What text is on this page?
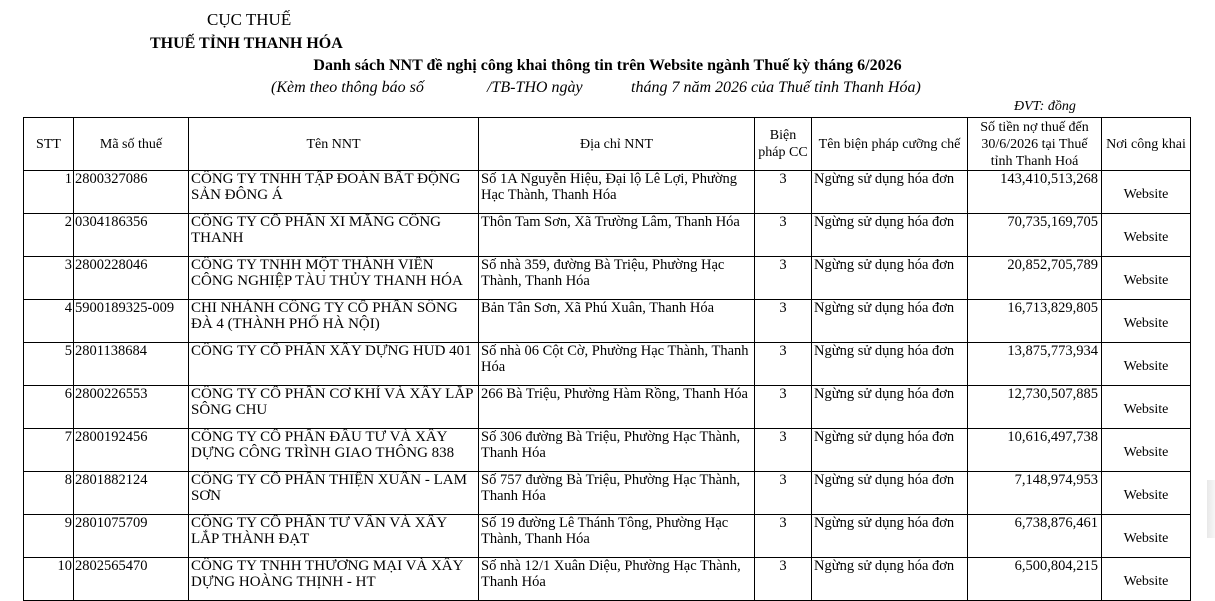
CỤC THUẾ
THUẾ TỈNH THANH HÓA
Danh sách NNT đề nghị công khai thông tin trên Website ngành Thuế kỳ tháng 6/2026
(Kèm theo thông báo số	/TB-THO ngày	tháng 7 năm 2026 của Thuế tỉnh Thanh Hóa)
ĐVT: đồng
STT	Mã số thuế	Tên NNT	Địa chỉ NNT	Biện pháp CC	Tên biện pháp cưỡng chế	Số tiền nợ thuế đến 30/6/2026 tại Thuế tỉnh Thanh Hoá	Nơi công khai
1	2800327086	CÔNG TY TNHH TẬP ĐOÀN BẤT ĐỘNG SẢN ĐÔNG Á	Số 1A Nguyễn Hiệu, Đại lộ Lê Lợi, Phường Hạc Thành, Thanh Hóa	3	Ngừng sử dụng hóa đơn	143,410,513,268	Website
2	0304186356	CÔNG TY CỔ PHẦN XI MĂNG CÔNG THANH	Thôn Tam Sơn, Xã Trường Lâm, Thanh Hóa	3	Ngừng sử dụng hóa đơn	70,735,169,705	Website
3	2800228046	CÔNG TY TNHH MỘT THÀNH VIÊN CÔNG NGHIỆP TÀU THỦY THANH HÓA	Số nhà 359, đường Bà Triệu, Phường Hạc Thành, Thanh Hóa	3	Ngừng sử dụng hóa đơn	20,852,705,789	Website
4	5900189325-009	CHI NHÁNH CÔNG TY CỔ PHẦN SÔNG ĐÀ 4 (THÀNH PHỐ HÀ NỘI)	Bản Tân Sơn, Xã Phú Xuân, Thanh Hóa	3	Ngừng sử dụng hóa đơn	16,713,829,805	Website
5	2801138684	CÔNG TY CỔ PHẦN XÂY DỰNG HUD 401	Số nhà 06 Cột Cờ, Phường Hạc Thành, Thanh Hóa	3	Ngừng sử dụng hóa đơn	13,875,773,934	Website
6	2800226553	CÔNG TY CỔ PHẦN CƠ KHÍ VÀ XÂY LẮP SÔNG CHU	266 Bà Triệu, Phường Hàm Rồng, Thanh Hóa	3	Ngừng sử dụng hóa đơn	12,730,507,885	Website
7	2800192456	CÔNG TY CỔ PHẦN ĐẦU TƯ VÀ XÂY DỰNG CÔNG TRÌNH GIAO THÔNG 838	Số 306 đường Bà Triệu, Phường Hạc Thành, Thanh Hóa	3	Ngừng sử dụng hóa đơn	10,616,497,738	Website
8	2801882124	CÔNG TY CỔ PHẦN THIỆN XUÂN - LAM SƠN	Số 757 đường Bà Triệu, Phường Hạc Thành, Thanh Hóa	3	Ngừng sử dụng hóa đơn	7,148,974,953	Website
9	2801075709	CÔNG TY CỔ PHẦN TƯ VẤN VÀ XÂY LẮP THÀNH ĐẠT	Số 19 đường Lê Thánh Tông, Phường Hạc Thành, Thanh Hóa	3	Ngừng sử dụng hóa đơn	6,738,876,461	Website
10	2802565470	CÔNG TY TNHH THƯƠNG MẠI VÀ XÂY DỰNG HOÀNG THỊNH - HT	Số nhà 12/1 Xuân Diệu, Phường Hạc Thành, Thanh Hóa	3	Ngừng sử dụng hóa đơn	6,500,804,215	Website
